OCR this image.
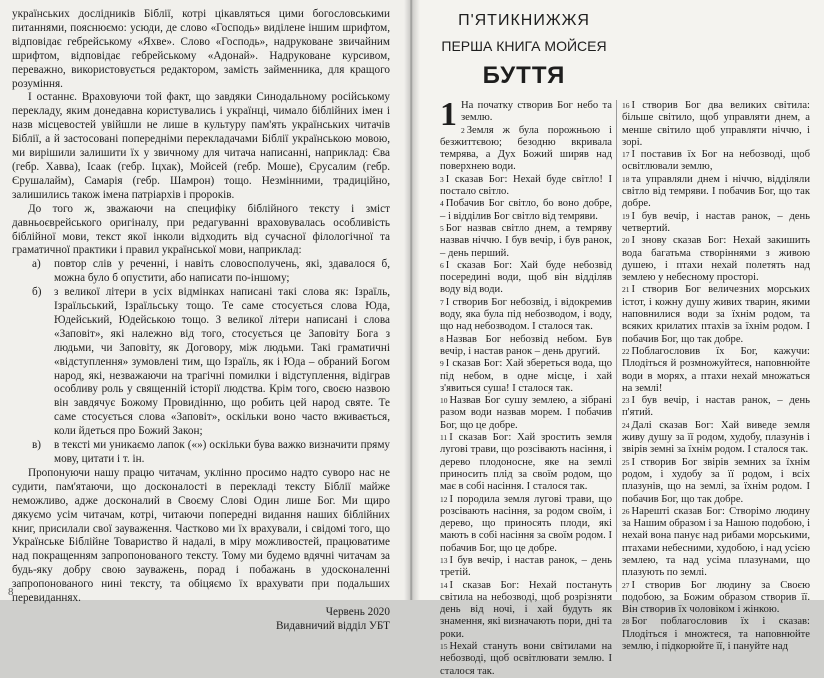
українських дослідників Біблії, котрі цікавляться цими богословськими питаннями, пояснюємо: усюди, де слово «Господь» виділене іншим шрифтом, відповідає гебрейському «Яхве». Слово «Господь», надруковане звичайним шрифтом, відповідає гебрейському «Адонай». Надруковане курсивом, переважно, використовується редактором, замість займенника, для кращого розуміння.

І останнє. Враховуючи той факт, що завдяки Синодальному російському перекладу, яким донедавна користувались і українці, чимало біблійних імен і назв місцевостей увійшли не лише в культуру пам'ять українських читачів Біблії, а й застосовані попередніми перекладачами Біблії українською мовою, ми вирішили залишити їх у звичному для читача написанні, наприклад: Єва (гебр. Хавва), Ісаак (гебр. Іцхак), Мойсей (гебр. Моше), Єрусалим (гебр. Єрушалайм), Самарія (гебр. Шамрон) тощо. Незмінними, традиційно, залишились також імена патріархів і пророків.

До того ж, зважаючи на специфіку біблійного тексту і зміст давньоєврейського оригіналу, при редагуванні враховувалась особливість біблійної мови, текст якої інколи відходить від сучасної філологічної та граматичної практики і правил української мови, наприклад:

а)	повтор слів у реченні, і навіть словосполучень, які, здавалося б, можна було б опустити, або написати по-іншому;
б)	з великої літери в усіх відмінках написані такі слова як: Ізраїль, Ізраїльський, Ізраїльську тощо. Те саме стосується слова Юда, Юдейський, Юдейською тощо. З великої літери написані і слова «Заповіт», які належно від того, стосується це Заповіту Бога з людьми, чи Заповіту, як Договору, між людьми. Такі граматичні «відступлення» зумовлені тим, що Ізраїль, як і Юда – обраний Богом народ, які, незважаючи на трагічні помилки і відступлення, відіграв особливу роль у священній історії людства. Крім того, своєю назвою він завдячує Божому Провидінню, що робить цей народ святе. Те саме стосується слова «Заповіт», оскільки воно часто вживається, коли йдеться про Божий Закон;
в)	в тексті ми уникаємо лапок («») оскільки бува важко визначити пряму мову, цитати і т. ін.

Пропонуючи нашу працю читачам, уклінно просимо надто суворо нас не судити, пам'ятаючи, що досконалості в перекладі тексту Біблії майже неможливо, адже досконалий в Своєму Слові Один лише Бог. Ми щиро дякуємо усім читачам, котрі, читаючи попередні видання наших біблійних книг, присилали свої зауваження. Частково ми їх врахували, і свідомі того, що Українське Біблійне Товариство й надалі, в міру можливостей, працюватиме над покращенням запропонованого тексту. Тому ми будемо вдячні читачам за будь-яку добру свою зауважень, порад і побажань в удосконаленні запропонованого нині тексту, та обіцяємо їх врахувати при подальших перевиданнях.

Червень 2020
Видавничий відділ УБТ
8
П'ЯТИКНИЖЖЯ
ПЕРША КНИГА МОЙСЕЯ
БУТТЯ

1 На початку створив Бог небо та землю.

2 Земля ж була порожньою і безжиттєвою; безодню вкривала темрява, а Дух Божий ширяв над поверхнею води.

3 І сказав Бог: Нехай буде світло! І постало світло.

4 Побачив Бог світло, бо воно добре, – і відділив Бог світло від темряви.

5 Бог назвав світло днем, а темряву назвав ніччю. І був вечір, і був ранок, – день перший.

6 І сказав Бог: Хай буде небозвід посередині води, щоб він відділяв воду від води.

7 І створив Бог небозвід, і відокремив воду, яка була під небозводом, і воду, що над небозводом. І сталося так.

8 Назвав Бог небозвід небом. Був вечір, і настав ранок – день другий.

9 І сказав Бог: Хай збереться вода, що під небом, в одне місце, і хай з'явиться суша! І сталося так.

10 Назвав Бог сушу землею, а зібрані разом води назвав морем. І побачив Бог, що це добре.

11 І сказав Бог: Хай зростить земля лугові трави, що розсівають насіння, і дерево плодоносне, яке на землі приносить плід за своїм родом, що має в собі насіння. І сталося так.

12 І породила земля лугові трави, що розсівають насіння, за родом своїм, і дерево, що приносять плоди, які мають в собі насіння за своїм родом. І побачив Бог, що це добре.

13 І був вечір, і настав ранок, – день третій.

14 І сказав Бог: Нехай постануть світила на небозводі, щоб розрізняти день від ночі, і хай будуть як знамення, які визначають пори, дні та роки.

15 Нехай стануть вони світилами на небозводі, щоб освітлювати землю. І сталося так.

16 І створив Бог два великих світила: більше світило, щоб управляти днем, а менше світило щоб управляти ніччю, і зорі.

17 І поставив їх Бог на небозводі, щоб освітлювали землю,

18 та управляли днем і ніччю, відділяли світло від темряви. І побачив Бог, що так добре.

19 І був вечір, і настав ранок, – день четвертий.

20 І знову сказав Бог: Нехай закишить вода багатьма створіннями з живою душею, і птахи нехай полетять над землею у небесному просторі.

21 І створив Бог величезних морських істот, і кожну душу живих тварин, якими наповнилися води за їхнім родом, та всяких крилатих птахів за їхнім родом. І побачив Бог, що так добре.

22 Поблагословив їх Бог, кажучи: Плодіться й розмножуйтеся, наповнюйте води в морях, а птахи нехай множаться на землі!

23 І був вечір, і настав ранок, – день п'ятий.

24 Далі сказав Бог: Хай виведе земля живу душу за її родом, худобу, плазунів і звірів земні за їхнім родом. І сталося так.

25 І створив Бог звірів земних за їхнім родом, і худобу за її родом, і всіх плазунів, що на землі, за їхнім родом. І побачив Бог, що так добре.

26 Нарешті сказав Бог: Створімо людину за Нашим образом і за Нашою подобою, і нехай вона панує над рибами морськими, птахами небесними, худобою, і над усією землею, та над усіма плазунами, що плазують по землі.

27 І створив Бог людину за Своєю подобою, за Божим образом створив її. Він створив їх чоловіком і жінкою.

28 Бог поблагословив їх і сказав: Плодіться і множтеся, та наповнюйте землю, і підкорюйте її, і пануйте над
